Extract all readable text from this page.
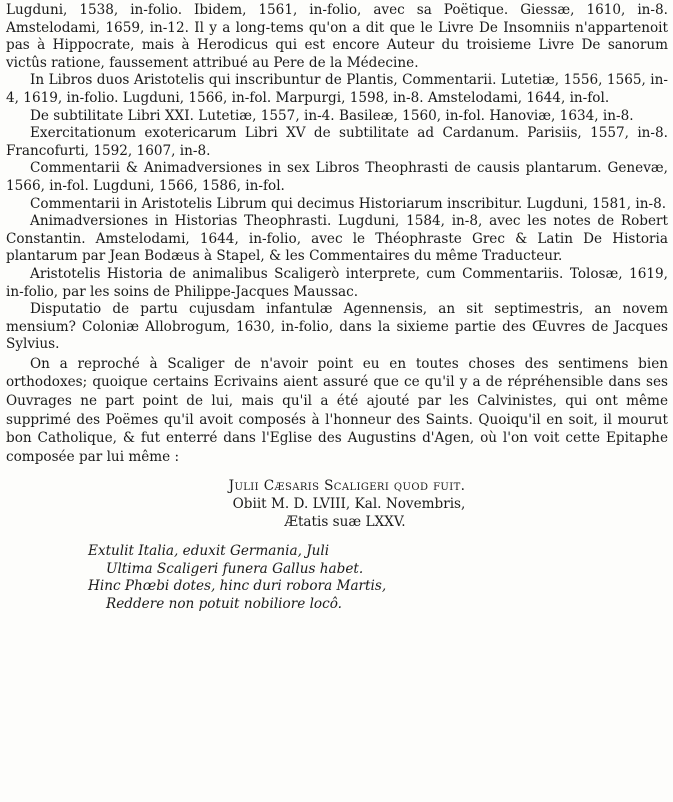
Lugduni, 1538, in-folio. Ibidem, 1561, in-folio, avec sa Poëtique. Giessæ, 1610, in-8. Amstelodami, 1659, in-12. Il y a long-tems qu'on a dit que le Livre De Insomniis n'appartenoit pas à Hippocrate, mais à Herodicus qui est encore Auteur du troisieme Livre De sanorum victûs ratione, faussement attribué au Pere de la Médecine.

In Libros duos Aristotelis qui inscribuntur de Plantis, Commentarii. Lutetiæ, 1556, 1565, in-4, 1619, in-folio. Lugduni, 1566, in-fol. Marpurgi, 1598, in-8. Amstelodami, 1644, in-fol.

De subtilitate Libri XXI. Lutetiæ, 1557, in-4. Basileæ, 1560, in-fol. Hanoviæ, 1634, in-8.

Exercitationum exotericarum Libri XV de subtilitate ad Cardanum. Parisiis, 1557, in-8. Francofurti, 1592, 1607, in-8.

Commentarii & Animadversiones in sex Libros Theophrasti de causis plantarum. Genevæ, 1566, in-fol. Lugduni, 1566, 1586, in-fol.

Commentarii in Aristotelis Librum qui decimus Historiarum inscribitur. Lugduni, 1581, in-8.

Animadversiones in Historias Theophrasti. Lugduni, 1584, in-8, avec les notes de Robert Constantin. Amstelodami, 1644, in-folio, avec le Théophraste Grec & Latin De Historia plantarum par Jean Bodæus à Stapel, & les Commentaires du même Traducteur.

Aristotelis Historia de animalibus Scaligerò interprete, cum Commentariis. Tolosæ, 1619, in-folio, par les soins de Philippe-Jacques Maussac.

Disputatio de partu cujusdam infantulæ Agennensis, an sit septimestris, an novem mensium? Coloniæ Allobrogum, 1630, in-folio, dans la sixieme partie des Œuvres de Jacques Sylvius.

On a reproché à Scaliger de n'avoir point eu en toutes choses des sentimens bien orthodoxes; quoique certains Ecrivains aient assuré que ce qu'il y a de répréhensible dans ses Ouvrages ne part point de lui, mais qu'il a été ajouté par les Calvinistes, qui ont même supprimé des Poëmes qu'il avoit composés à l'honneur des Saints. Quoiqu'il en soit, il mourut bon Catholique, & fut enterré dans l'Eglise des Augustins d'Agen, où l'on voit cette Epitaphe composée par lui même :

Julii Cæsaris Scaligeri quod fuit.

Obiit M. D. LVIII, Kal. Novembris,

Ætatis suæ LXXV.

Extulit Italia, eduxit Germania, Juli

Ultima Scaligeri funera Gallus habet.

Hinc Phœbi dotes, hinc duri robora Martis,

Reddere non potuit nobiliore locô.
